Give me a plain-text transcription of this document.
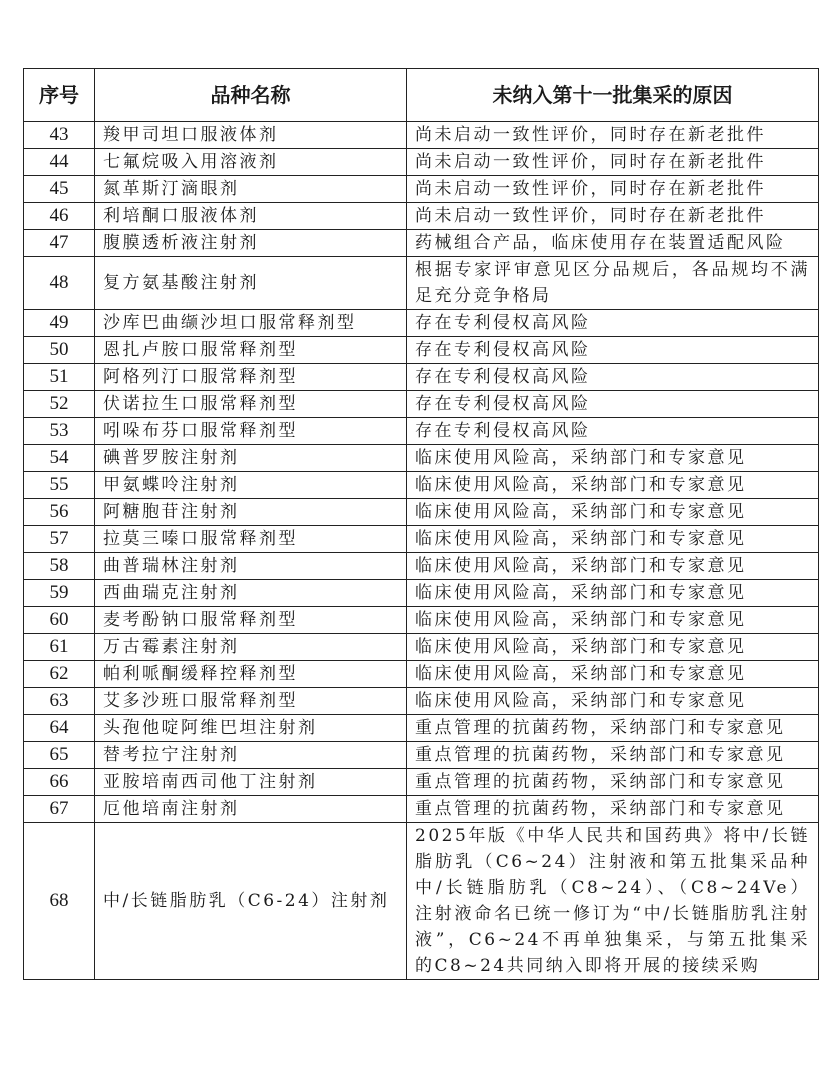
序号	品种名称	未纳入第十一批集采的原因
43	羧甲司坦口服液体剂	尚未启动一致性评价，同时存在新老批件
44	七氟烷吸入用溶液剂	尚未启动一致性评价，同时存在新老批件
45	氮革斯汀滴眼剂	尚未启动一致性评价，同时存在新老批件
46	利培酮口服液体剂	尚未启动一致性评价，同时存在新老批件
47	腹膜透析液注射剂	药械组合产品，临床使用存在装置适配风险
48	复方氨基酸注射剂	根据专家评审意见区分品规后，各品规均不满足充分竞争格局
49	沙库巴曲缬沙坦口服常释剂型	存在专利侵权高风险
50	恩扎卢胺口服常释剂型	存在专利侵权高风险
51	阿格列汀口服常释剂型	存在专利侵权高风险
52	伏诺拉生口服常释剂型	存在专利侵权高风险
53	吲哚布芬口服常释剂型	存在专利侵权高风险
54	碘普罗胺注射剂	临床使用风险高，采纳部门和专家意见
55	甲氨蝶呤注射剂	临床使用风险高，采纳部门和专家意见
56	阿糖胞苷注射剂	临床使用风险高，采纳部门和专家意见
57	拉莫三嗪口服常释剂型	临床使用风险高，采纳部门和专家意见
58	曲普瑞林注射剂	临床使用风险高，采纳部门和专家意见
59	西曲瑞克注射剂	临床使用风险高，采纳部门和专家意见
60	麦考酚钠口服常释剂型	临床使用风险高，采纳部门和专家意见
61	万古霉素注射剂	临床使用风险高，采纳部门和专家意见
62	帕利哌酮缓释控释剂型	临床使用风险高，采纳部门和专家意见
63	艾多沙班口服常释剂型	临床使用风险高，采纳部门和专家意见
64	头孢他啶阿维巴坦注射剂	重点管理的抗菌药物，采纳部门和专家意见
65	替考拉宁注射剂	重点管理的抗菌药物，采纳部门和专家意见
66	亚胺培南西司他丁注射剂	重点管理的抗菌药物，采纳部门和专家意见
67	厄他培南注射剂	重点管理的抗菌药物，采纳部门和专家意见
68	中/长链脂肪乳（C6-24）注射剂	2025年版《中华人民共和国药典》将中/长链脂肪乳（C6~24）注射液和第五批集采品种中/长链脂肪乳（C8~24）、（C8~24Ve）注射液命名已统一修订为“中/长链脂肪乳注射液”，C6~24不再单独集采，与第五批集采的C8~24共同纳入即将开展的接续采购
